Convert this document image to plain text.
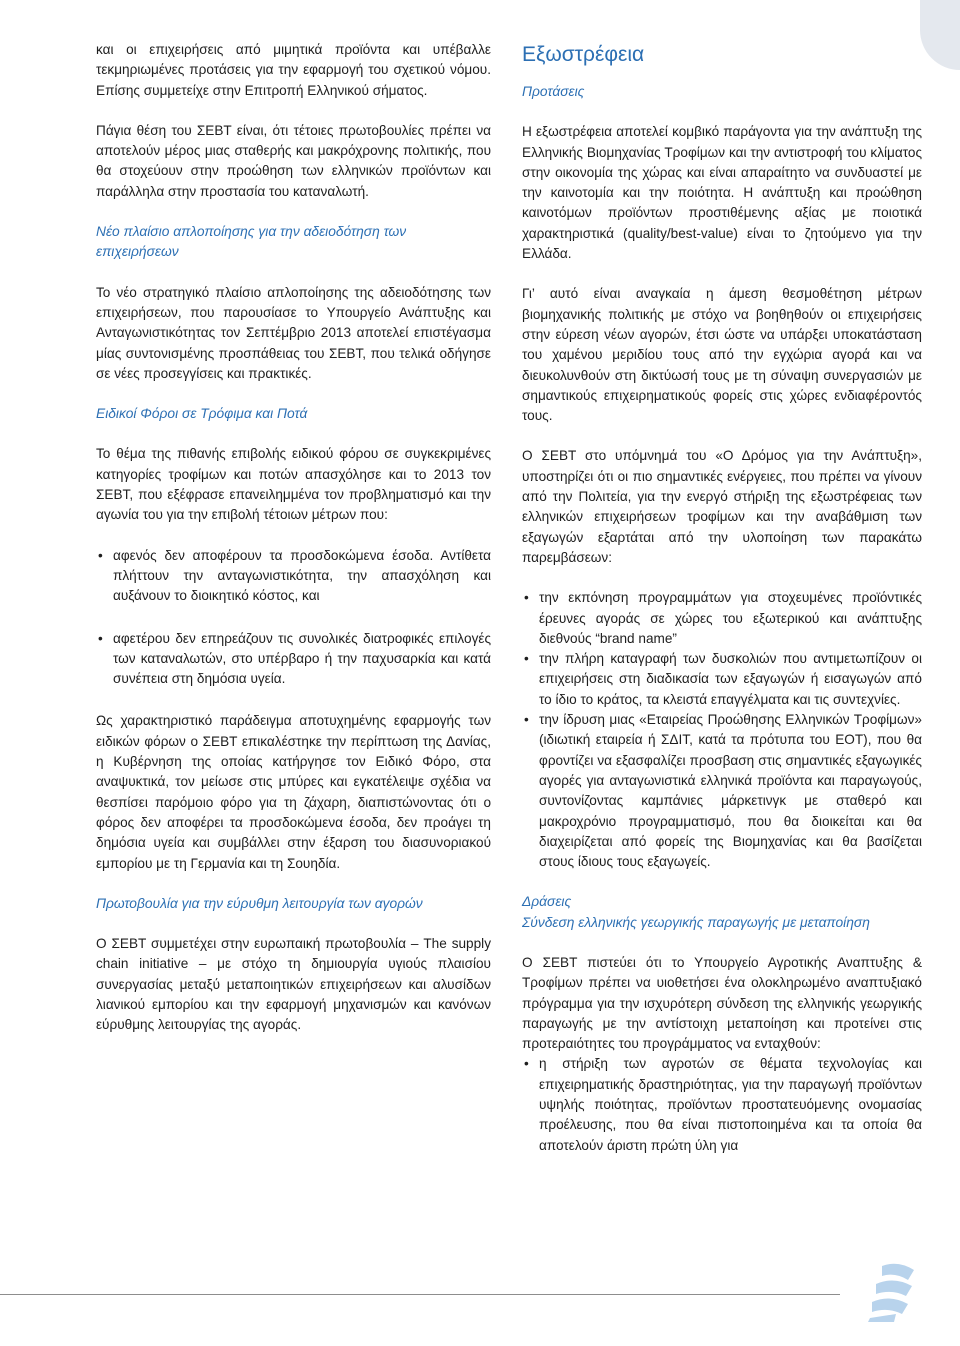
και οι επιχειρήσεις από μιμητικά προϊόντα και υπέβαλλε τεκμηριωμένες προτάσεις για την εφαρμογή του σχετικού νόμου. Επίσης συμμετείχε στην Επιτροπή Ελληνικού σήματος.

Πάγια θέση του ΣΕΒΤ είναι, ότι τέτοιες πρωτοβουλίες πρέπει να αποτελούν μέρος μιας σταθερής και μακρόχρονης πολιτικής, που θα στοχεύουν στην προώθηση των ελληνικών προϊόντων και παράλληλα στην προστασία του καταναλωτή.

Νέο πλαίσιο απλοποίησης για την αδειοδότηση των επιχειρήσεων

Το νέο στρατηγικό πλαίσιο απλοποίησης της αδειοδότησης των επιχειρήσεων, που παρουσίασε το Υπουργείο Ανάπτυξης και Ανταγωνιστικότητας τον Σεπτέμβριο 2013 αποτελεί επιστέγασμα μίας συντονισμένης προσπάθειας του ΣΕΒΤ, που τελικά οδήγησε σε νέες προσεγγίσεις και πρακτικές.

Ειδικοί Φόροι σε Τρόφιμα και Ποτά

Το θέμα της πιθανής επιβολής ειδικού φόρου σε συγκεκριμένες κατηγορίες τροφίμων και ποτών απασχόλησε και το 2013 τον ΣΕΒΤ, που εξέφρασε επανειλημμένα τον προβληματισμό και την αγωνία του για την επιβολή τέτοιων μέτρων που:

• αφενός δεν αποφέρουν τα προσδοκώμενα έσοδα. Αντίθετα πλήττουν την ανταγωνιστικότητα, την απασχόληση και αυξάνουν το διοικητικό κόστος, και
• αφετέρου δεν επηρεάζουν τις συνολικές διατροφικές επιλογές των καταναλωτών, στο υπέρβαρο ή την παχυσαρκία και κατά συνέπεια στη δημόσια υγεία.

Ως χαρακτηριστικό παράδειγμα αποτυχημένης εφαρμογής των ειδικών φόρων ο ΣΕΒΤ επικαλέστηκε την περίπτωση της Δανίας, η Κυβέρνηση της οποίας κατήργησε τον Ειδικό Φόρο, στα αναψυκτικά, τον μείωσε στις μπύρες και εγκατέλειψε σχέδια να θεσπίσει παρόμοιο φόρο για τη ζάχαρη, διαπιστώνοντας ότι ο φόρος δεν αποφέρει τα προσδοκώμενα έσοδα, δεν προάγει τη δημόσια υγεία και συμβάλλει στην έξαρση του διασυνοριακού εμπορίου με τη Γερμανία και τη Σουηδία.

Πρωτοβουλία για την εύρυθμη λειτουργία των αγορών

Ο ΣΕΒΤ συμμετέχει στην ευρωπαική πρωτοβουλία – The supply chain initiative – με στόχο τη δημιουργία υγιούς πλαισίου συνεργασίας μεταξύ μεταποιητικών επιχειρήσεων και αλυσίδων λιανικού εμπορίου και την εφαρμογή μηχανισμών και κανόνων εύρυθμης λειτουργίας της αγοράς.

Εξωστρέφεια
Προτάσεις

Η εξωστρέφεια αποτελεί κομβικό παράγοντα για την ανάπτυξη της Ελληνικής Βιομηχανίας Τροφίμων και την αντιστροφή του κλίματος στην οικονομία της χώρας και είναι απαραίτητο να συνδυαστεί με την καινοτομία και την ποιότητα. Η ανάπτυξη και προώθηση καινοτόμων προϊόντων προστιθέμενης αξίας με ποιοτικά χαρακτηριστικά (quality/best-value) είναι το ζητούμενο για την Ελλάδα.

Γι’ αυτό είναι αναγκαία η άμεση θεσμοθέτηση μέτρων βιομηχανικής πολιτικής με στόχο να βοηθηθούν οι επιχειρήσεις στην εύρεση νέων αγορών, έτσι ώστε να υπάρξει υποκατάσταση του χαμένου μεριδίου τους από την εγχώρια αγορά και να διευκολυνθούν στη δικτύωσή τους με τη σύναψη συνεργασιών με σημαντικούς επιχειρηματικούς φορείς στις χώρες ενδιαφέροντός τους.

Ο ΣΕΒΤ στο υπόμνημά του «Ο Δρόμος για την Ανάπτυξη», υποστηρίζει ότι οι πιο σημαντικές ενέργειες, που πρέπει να γίνουν από την Πολιτεία, για την ενεργό στήριξη της εξωστρέφειας των ελληνικών επιχειρήσεων τροφίμων και την αναβάθμιση των εξαγωγών εξαρτάται από την υλοποίηση των παρακάτω παρεμβάσεων:

• την εκπόνηση προγραμμάτων για στοχευμένες προϊόντικές έρευνες αγοράς σε χώρες του εξωτερικού και ανάπτυξης διεθνούς “brand name”
• την πλήρη καταγραφή των δυσκολιών που αντιμετωπίζουν οι επιχειρήσεις στη διαδικασία των εξαγωγών ή εισαγωγών από το ίδιο το κράτος, τα κλειστά επαγγέλματα και τις συντεχνίες.
• την ίδρυση μιας «Εταιρείας Προώθησης Ελληνικών Τροφίμων» (ιδιωτική εταιρεία ή ΣΔΙΤ, κατά τα πρότυπα του ΕΟΤ), που θα φροντίζει να εξασφαλίζει προσβαση στις σημαντικές εξαγωγικές αγορές για ανταγωνιστικά ελληνικά προϊόντα και παραγωγούς, συντονίζοντας καμπάνιες μάρκετινγκ με σταθερό και μακροχρόνιο προγραμματισμό, που θα διοικείται και θα διαχειρίζεται από φορείς της Βιομηχανίας και θα βασίζεται στους ίδιους τους εξαγωγείς.
Δράσεις
Σύνδεση ελληνικής γεωργικής παραγωγής με μεταποίηση

Ο ΣΕΒΤ πιστεύει ότι το Υπουργείο Αγροτικής Αναπτυξης & Τροφίμων πρέπει να υιοθετήσει ένα ολοκληρωμένο αναπτυξιακό πρόγραμμα για την ισχυρότερη σύνδεση της ελληνικής γεωργικής παραγωγής με την αντίστοιχη μεταποίηση και προτείνει στις προτεραιότητες του προγράμματος να ενταχθούν:

• η στήριξη των αγροτών σε θέματα τεχνολογίας και επιχειρηματικής δραστηριότητας, για την παραγωγή προϊόντων υψηλής ποιότητας, προϊόντων προστατευόμενης ονομασίας προέλευσης, που θα είναι πιστοποιημένα και τα οποία θα αποτελούν άριστη πρώτη ύλη για
